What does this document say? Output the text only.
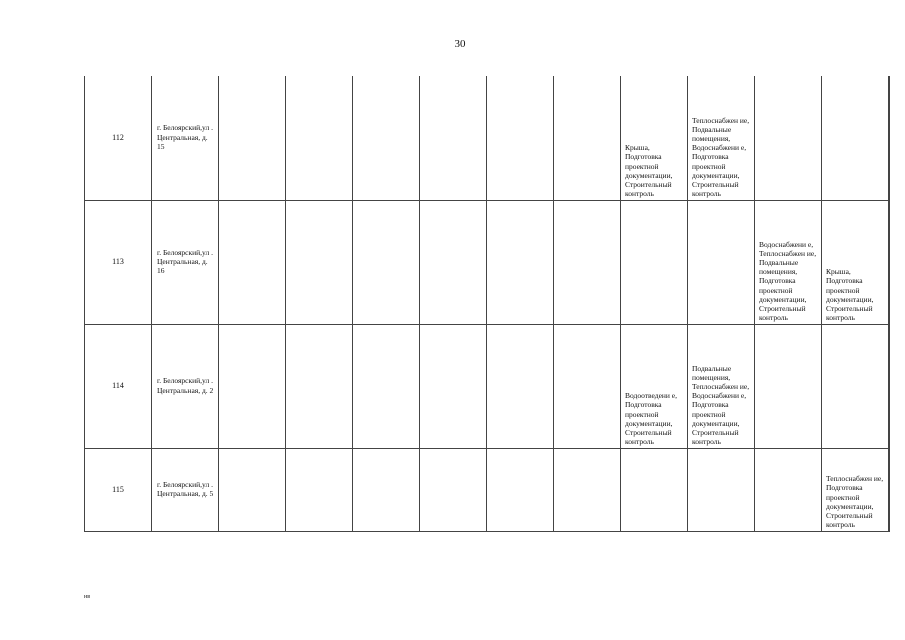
30
112	г. Белоярский,ул . Центральная, д. 15							Крыша, Подготовка проектной документации, Строительный контроль	Теплоснабжен ие, Подвальные помещения, Водоснабжени е, Подготовка проектной документации, Строительный контроль			

113	г. Белоярский,ул . Центральная, д. 16									Водоснабжени е, Теплоснабжен ие, Подвальные помещения, Подготовка проектной документации, Строительный контроль	Крыша, Подготовка проектной документации, Строительный контроль	

114	г. Белоярский,ул . Центральная, д. 2							Водоотведени е, Подготовка проектной документации, Строительный контроль	Подвальные помещения, Теплоснабжен ие, Водоснабжени е, Подготовка проектной документации, Строительный контроль			

115	г. Белоярский,ул . Центральная, д. 5										Теплоснабжен ие, Подготовка проектной документации, Строительный контроль	

нв
